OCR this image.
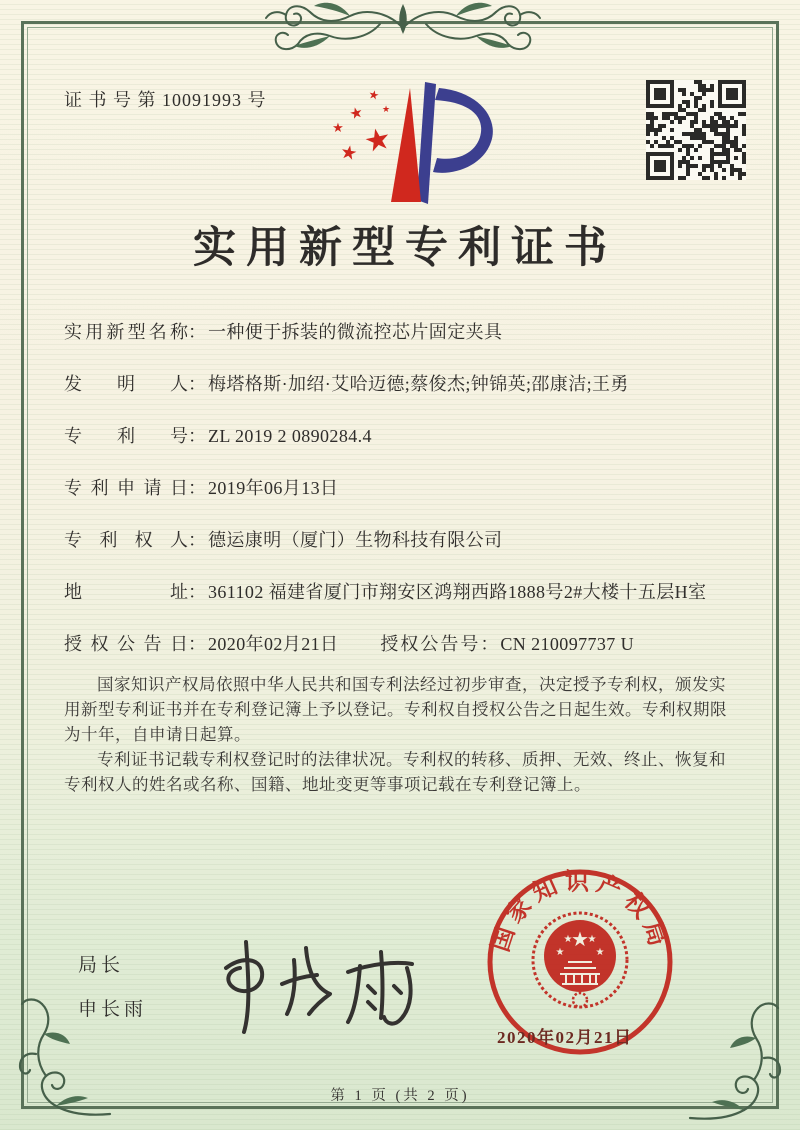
证 书 号 第 10091993 号
★
★
★
★
★
★
实用新型专利证书
实用新型名称 ： 一种便于拆装的微流控芯片固定夹具
发明人 ： 梅塔格斯·加绍·艾哈迈德;蔡俊杰;钟锦英;邵康洁;王勇
专利号 ： ZL 2019 2 0890284.4
专利申请日 ： 2019年06月13日
专利权人 ： 德运康明（厦门）生物科技有限公司
地址 ： 361102 福建省厦门市翔安区鸿翔西路1888号2#大楼十五层H室
授权公告日 ： 2020年02月21日 授权公告号 ： CN 210097737 U

国家知识产权局依照中华人民共和国专利法经过初步审查，决定授予专利权，颁发实用新型专利证书并在专利登记簿上予以登记。专利权自授权公告之日起生效。专利权期限为十年，自申请日起算。

专利证书记载专利权登记时的法律状况。专利权的转移、质押、无效、终止、恢复和专利权人的姓名或名称、国籍、地址变更等事项记载在专利登记簿上。

局长
申长雨
国家知识产权局
★
★
★ ★
★
2020年02月21日
第 1 页 (共 2 页)
